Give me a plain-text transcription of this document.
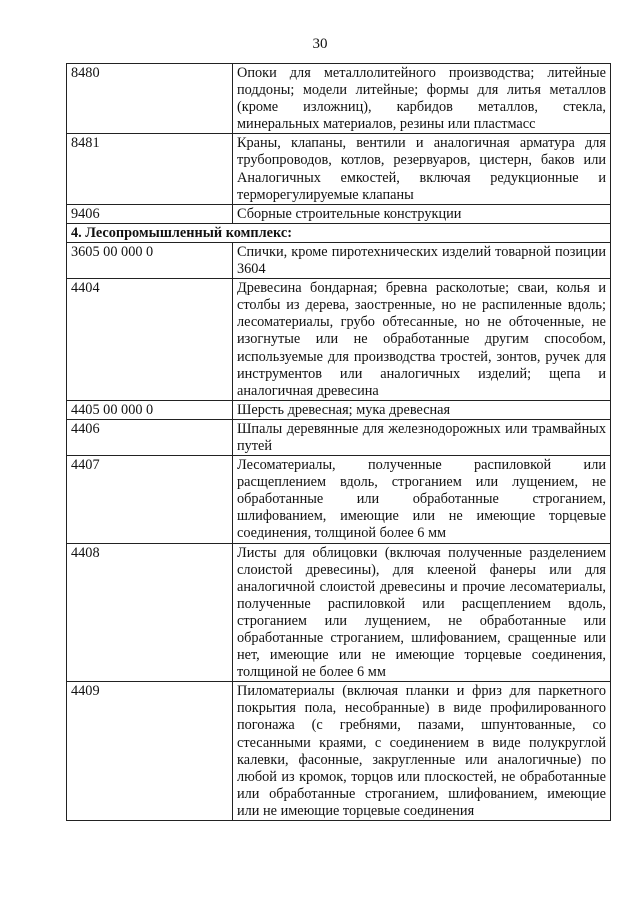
30
8480	Опоки для металлолитейного производства; литейные поддоны; модели литейные; формы для литья металлов (кроме изложниц), карбидов металлов, стекла, минеральных материалов, резины или пластмасс
8481	Краны, клапаны, вентили и аналогичная арматура для трубопроводов, котлов, резервуаров, цистерн, баков или Аналогичных емкостей, включая редукционные и терморегулируемые клапаны
9406	Сборные строительные конструкции
4. Лесопромышленный комплекс:	
3605 00 000 0	Спички, кроме пиротехнических изделий товарной позиции 3604
4404	Древесина бондарная; бревна расколотые; сваи, колья и столбы из дерева, заостренные, но не распиленные вдоль; лесоматериалы, грубо обтесанные, но не обточенные, не изогнутые или не обработанные другим способом, используемые для производства тростей, зонтов, ручек для инструментов или аналогичных изделий; щепа и аналогичная древесина
4405 00 000 0	Шерсть древесная; мука древесная
4406	Шпалы деревянные для железнодорожных или трамвайных путей
4407	Лесоматериалы, полученные распиловкой или расщеплением вдоль, строганием или лущением, не обработанные или обработанные строганием, шлифованием, имеющие или не имеющие торцевые соединения, толщиной более 6 мм
4408	Листы для облицовки (включая полученные разделением слоистой древесины), для клееной фанеры или для аналогичной слоистой древесины и прочие лесоматериалы, полученные распиловкой или расщеплением вдоль, строганием или лущением, не обработанные или обработанные строганием, шлифованием, сращенные или нет, имеющие или не имеющие торцевые соединения, толщиной не более 6 мм
4409	Пиломатериалы (включая планки и фриз для паркетного покрытия пола, несобранные) в виде профилированного погонажа (с гребнями, пазами, шпунтованные, со стесанными краями, с соединением в виде полукруглой калевки, фасонные, закругленные или аналогичные) по любой из кромок, торцов или плоскостей, не обработанные или обработанные строганием, шлифованием, имеющие или не имеющие торцевые соединения
